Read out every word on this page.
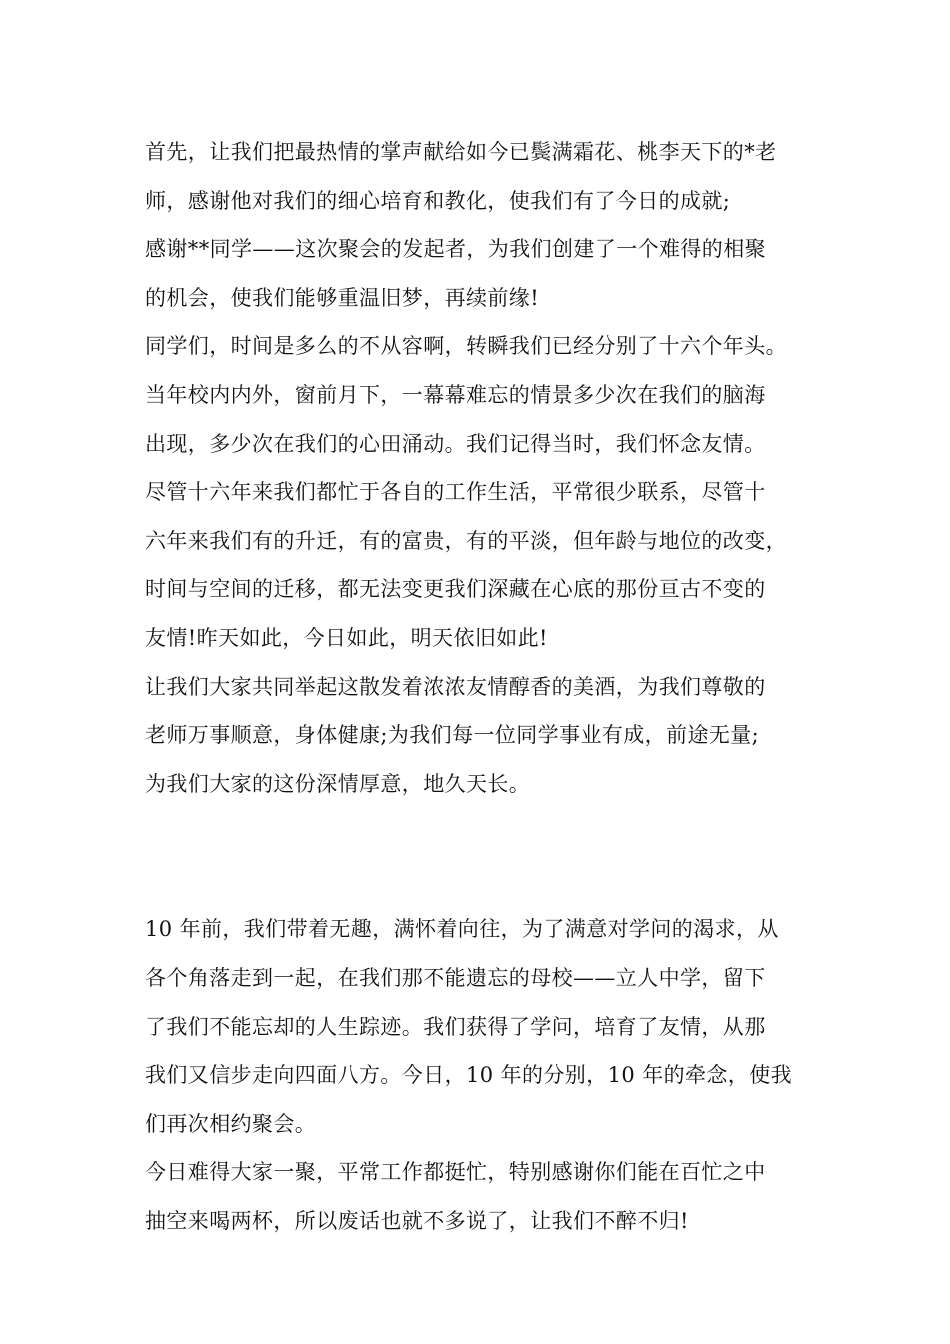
首先，让我们把最热情的掌声献给如今已鬓满霜花、桃李天下的*老
师，感谢他对我们的细心培育和教化，使我们有了今日的成就;
感谢**同学——这次聚会的发起者，为我们创建了一个难得的相聚
的机会，使我们能够重温旧梦，再续前缘!
同学们，时间是多么的不从容啊，转瞬我们已经分别了十六个年头。
当年校内内外，窗前月下，一幕幕难忘的情景多少次在我们的脑海
出现，多少次在我们的心田涌动。我们记得当时，我们怀念友情。
尽管十六年来我们都忙于各自的工作生活，平常很少联系，尽管十
六年来我们有的升迁，有的富贵，有的平淡，但年龄与地位的改变，
时间与空间的迁移，都无法变更我们深藏在心底的那份亘古不变的
友情!昨天如此，今日如此，明天依旧如此!
让我们大家共同举起这散发着浓浓友情醇香的美酒，为我们尊敬的
老师万事顺意，身体健康;为我们每一位同学事业有成，前途无量;
为我们大家的这份深情厚意，地久天长。
10 年前，我们带着无趣，满怀着向往，为了满意对学问的渴求，从
各个角落走到一起，在我们那不能遗忘的母校——立人中学，留下
了我们不能忘却的人生踪迹。我们获得了学问，培育了友情，从那
我们又信步走向四面八方。今日，10 年的分别，10 年的牵念，使我
们再次相约聚会。
今日难得大家一聚，平常工作都挺忙，特别感谢你们能在百忙之中
抽空来喝两杯，所以废话也就不多说了，让我们不醉不归!
